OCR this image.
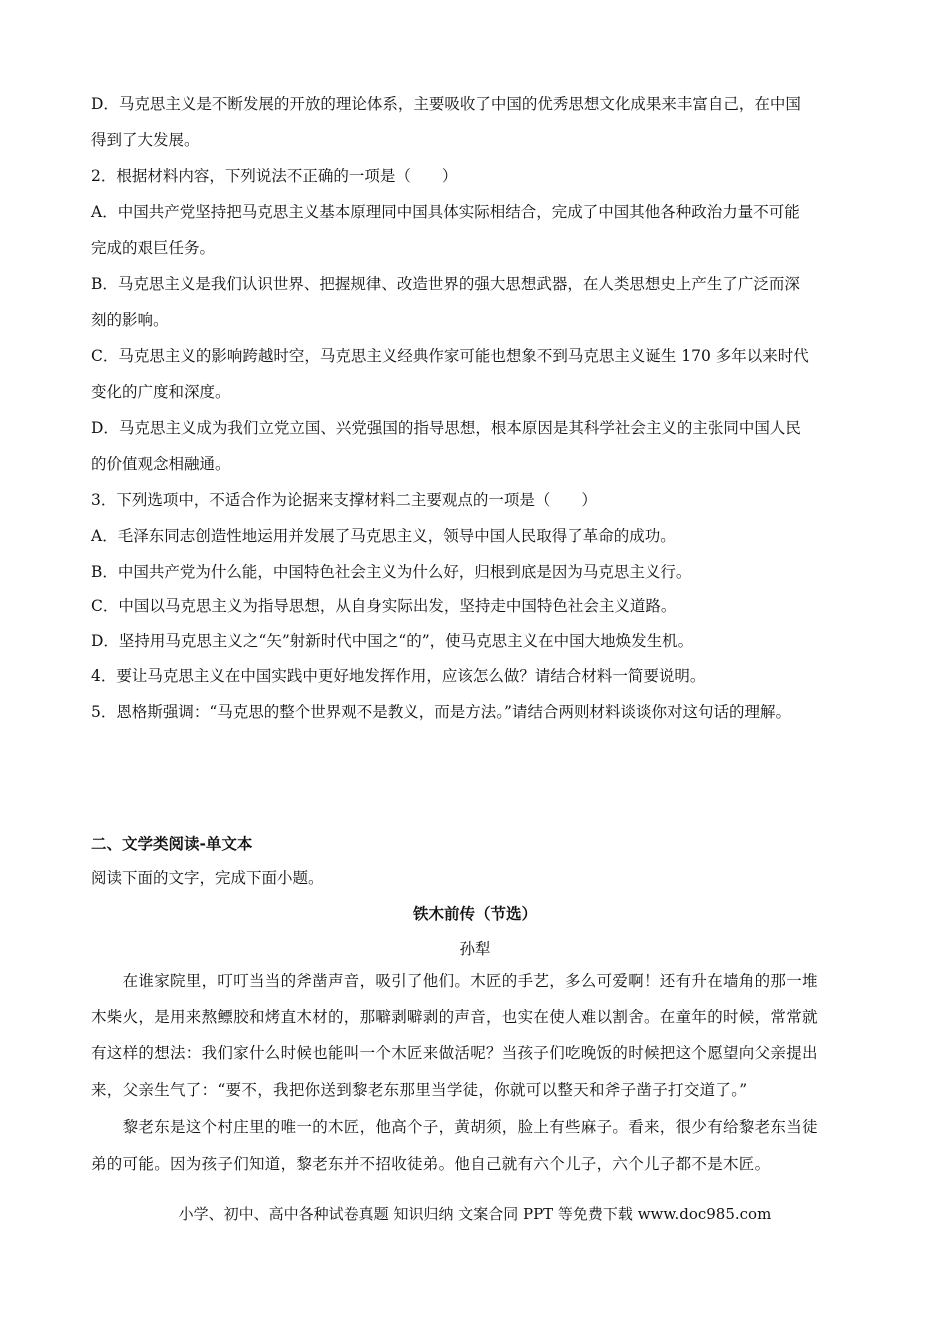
D．马克思主义是不断发展的开放的理论体系，主要吸收了中国的优秀思想文化成果来丰富自己，在中国
得到了大发展。
2．根据材料内容，下列说法不正确的一项是（　　）
A．中国共产党坚持把马克思主义基本原理同中国具体实际相结合，完成了中国其他各种政治力量不可能
完成的艰巨任务。
B．马克思主义是我们认识世界、把握规律、改造世界的强大思想武器，在人类思想史上产生了广泛而深
刻的影响。
C．马克思主义的影响跨越时空，马克思主义经典作家可能也想象不到马克思主义诞生 170 多年以来时代
变化的广度和深度。
D．马克思主义成为我们立党立国、兴党强国的指导思想，根本原因是其科学社会主义的主张同中国人民
的价值观念相融通。
3．下列选项中，不适合作为论据来支撑材料二主要观点的一项是（　　）
A．毛泽东同志创造性地运用并发展了马克思主义，领导中国人民取得了革命的成功。
B．中国共产党为什么能，中国特色社会主义为什么好，归根到底是因为马克思主义行。
C．中国以马克思主义为指导思想，从自身实际出发，坚持走中国特色社会主义道路。
D．坚持用马克思主义之“矢”射新时代中国之“的”，使马克思主义在中国大地焕发生机。
4．要让马克思主义在中国实践中更好地发挥作用，应该怎么做？请结合材料一简要说明。
5．恩格斯强调：“马克思的整个世界观不是教义，而是方法。”请结合两则材料谈谈你对这句话的理解。
二、文学类阅读-单文本
阅读下面的文字，完成下面小题。
铁木前传（节选）
孙犁
　　在谁家院里，叮叮当当的斧凿声音，吸引了他们。木匠的手艺，多么可爱啊！还有升在墙角的那一堆
木柴火，是用来熬鳔胶和烤直木材的，那噼剥噼剥的声音，也实在使人难以割舍。在童年的时候，常常就
有这样的想法：我们家什么时候也能叫一个木匠来做活呢？当孩子们吃晚饭的时候把这个愿望向父亲提出
来，父亲生气了：“要不，我把你送到黎老东那里当学徒，你就可以整天和斧子凿子打交道了。”
　　黎老东是这个村庄里的唯一的木匠，他高个子，黄胡须，脸上有些麻子。看来，很少有给黎老东当徒
弟的可能。因为孩子们知道，黎老东并不招收徒弟。他自己就有六个儿子，六个儿子都不是木匠。
小学、初中、高中各种试卷真题 知识归纳 文案合同 PPT 等免费下载 www.doc985.com
